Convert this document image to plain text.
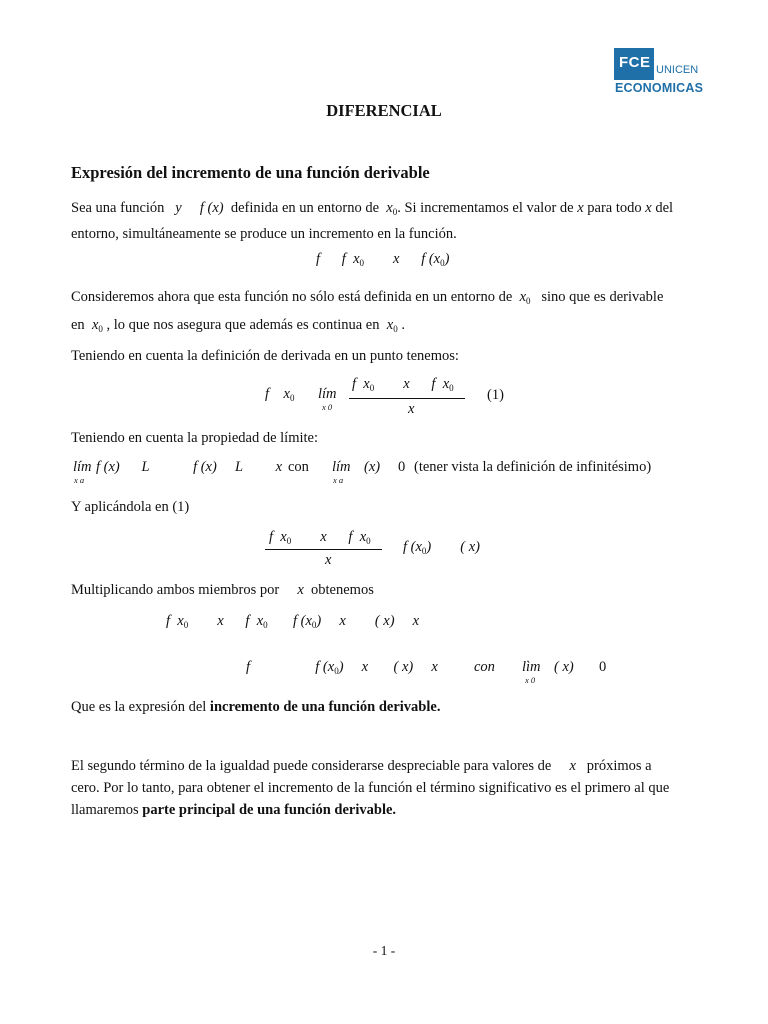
FCE UNICEN
ECONOMICAS
DIFERENCIAL
Expresión del incremento de una función derivable
Sea una función y f (x) definida en un entorno de $x_0$. Si incrementamos el valor de x para todo x del
entorno, simultáneamente se produce un incremento en la función.
f f $x_0$ x f $(x_0)$
Consideremos ahora que esta función no sólo está definida en un entorno de $x_0$ sino que es derivable
en $x_0$ , lo que nos asegura que además es continua en $x_0$ .
Teniendo en cuenta la definición de derivada en un punto tenemos:
f $x_0$ lím
x 0
f $x_0$ x f $x_0$
x
(1)
Teniendo en cuenta la propiedad de límite:
lím
x a
f (x) L	f (x) L x con lím
x a
(x) 0 (tener vista la definición de infinitésimo)
Y aplicándola en (1)
f $x_0$ x f $x_0$
x
f $(x_0)$ ( x)
Multiplicando ambos miembros por x obtenemos
f $x_0$ x f $x_0$ f $(x_0)$ x ( x) x
f	f $(x_0)$ x ( x) x con lìm
x 0
( x) 0
Que es la expresión del incremento de una función derivable.
El segundo término de la igualdad puede considerarse despreciable para valores de x próximos a
cero. Por lo tanto, para obtener el incremento de la función el término significativo es el primero al que
llamaremos parte principal de una función derivable.
- 1 -
